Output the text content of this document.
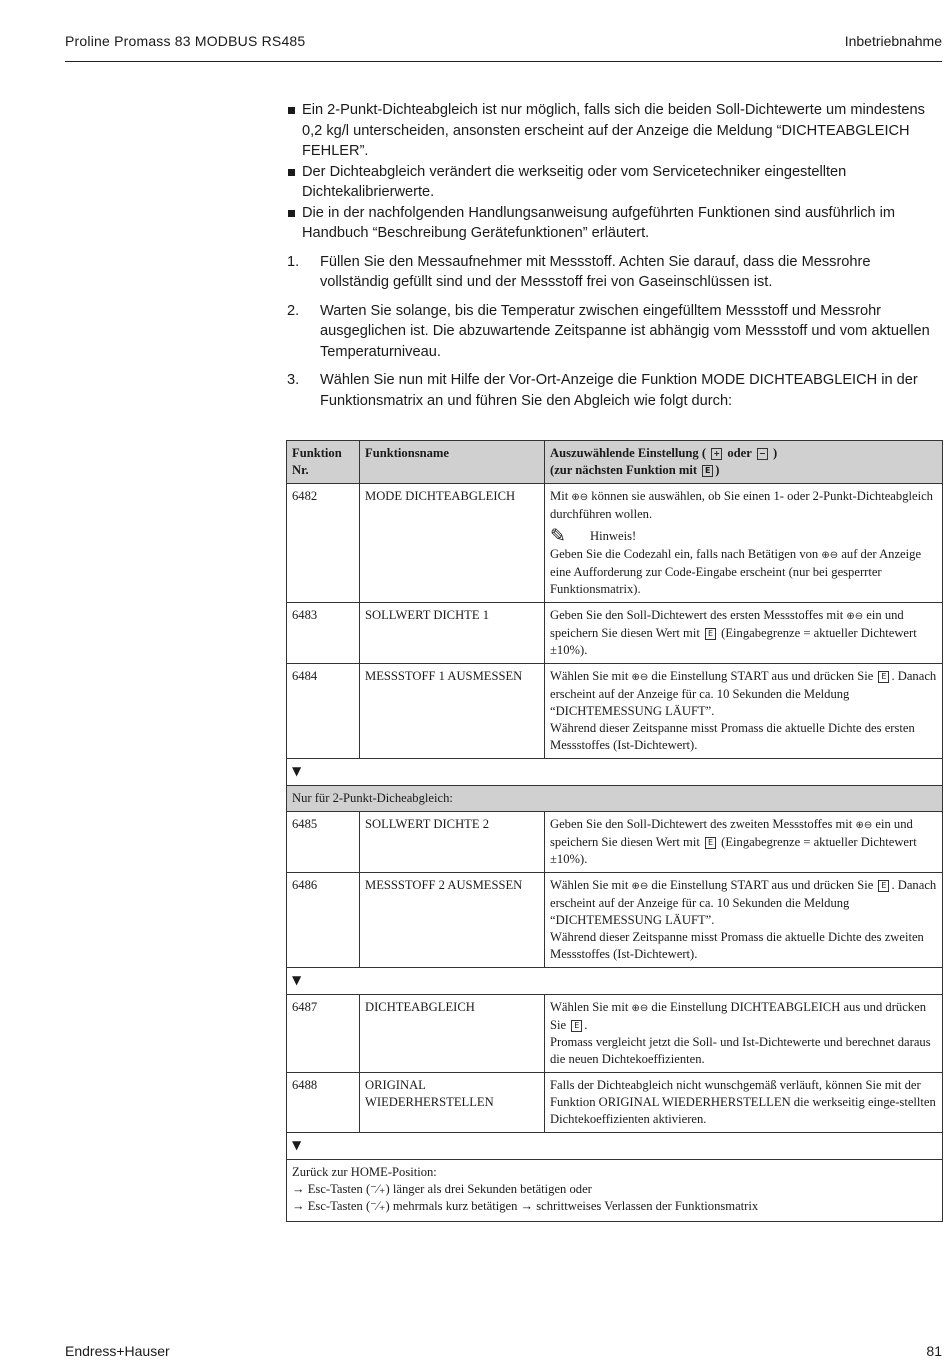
Proline Promass 83 MODBUS RS485	Inbetriebnahme
Ein 2-Punkt-Dichteabgleich ist nur möglich, falls sich die beiden Soll-Dichtewerte um mindestens 0,2 kg/l unterscheiden, ansonsten erscheint auf der Anzeige die Meldung “DICHTEABGLEICH FEHLER”.
Der Dichteabgleich verändert die werkseitig oder vom Servicetechniker eingestellten Dichtekalibrierwerte.
Die in der nachfolgenden Handlungsanweisung aufgeführten Funktionen sind ausführlich im Handbuch “Beschreibung Gerätefunktionen” erläutert.
1. Füllen Sie den Messaufnehmer mit Messstoff. Achten Sie darauf, dass die Messrohre vollständig gefüllt sind und der Messstoff frei von Gaseinschlüssen ist.
2. Warten Sie solange, bis die Temperatur zwischen eingefülltem Messstoff und Messrohr ausgeglichen ist. Die abzuwartende Zeitspanne ist abhängig vom Messstoff und vom aktuellen Temperaturniveau.
3. Wählen Sie nun mit Hilfe der Vor-Ort-Anzeige die Funktion MODE DICHTEABGLEICH in der Funktionsmatrix an und führen Sie den Abgleich wie folgt durch:
Funktion Nr.	Funktionsname	Auszuwählende Einstellung ( + oder − )
(zur nächsten Funktion mit E )
6482	MODE DICHTEABGLEICH	Mit ⊕⊖ können sie auswählen, ob Sie einen 1- oder 2-Punkt-Dichteabgleich durchführen wollen.
✎ Hinweis!
Geben Sie die Codezahl ein, falls nach Betätigen von ⊕⊖ auf der Anzeige eine Aufforderung zur Code-Eingabe erscheint (nur bei gesperrter Funktionsmatrix).
6483	SOLLWERT DICHTE 1	Geben Sie den Soll-Dichtewert des ersten Messstoffes mit ⊕⊖ ein und speichern Sie diesen Wert mit E (Eingabegrenze = aktueller Dichtewert ±10%).
6484	MESSSTOFF 1 AUSMESSEN	Wählen Sie mit ⊕⊖ die Einstellung START aus und drücken Sie E . Danach erscheint auf der Anzeige für ca. 10 Sekunden die Meldung “DICHTEMESSUNG LÄUFT”.
Während dieser Zeitspanne misst Promass die aktuelle Dichte des ersten Messstoffes (Ist-Dichtewert).
▼		
Nur für 2-Punkt-Dicheabgleich:		
6485	SOLLWERT DICHTE 2	Geben Sie den Soll-Dichtewert des zweiten Messstoffes mit ⊕⊖ ein und speichern Sie diesen Wert mit E (Eingabegrenze = aktueller Dichtewert ±10%).
6486	MESSSTOFF 2 AUSMESSEN	Wählen Sie mit ⊕⊖ die Einstellung START aus und drücken Sie E . Danach erscheint auf der Anzeige für ca. 10 Sekunden die Meldung “DICHTEMESSUNG LÄUFT”.
Während dieser Zeitspanne misst Promass die aktuelle Dichte des zweiten Messstoffes (Ist-Dichtewert).
▼		
6487	DICHTEABGLEICH	Wählen Sie mit ⊕⊖ die Einstellung DICHTEABGLEICH aus und drücken Sie E .
Promass vergleicht jetzt die Soll- und Ist-Dichtewerte und berechnet daraus die neuen Dichtekoeffizienten.
6488	ORIGINAL WIEDERHERSTELLEN	Falls der Dichteabgleich nicht wunschgemäß verläuft, können Sie mit der Funktion ORIGINAL WIEDERHERSTELLEN die werkseitig einge-stellten Dichtekoeffizienten aktivieren.
▼		

Zurück zur HOME-Position:
→ Esc-Tasten (⁻⁄₊) länger als drei Sekunden betätigen oder
→ Esc-Tasten (⁻⁄₊) mehrmals kurz betätigen → schrittweises Verlassen der Funktionsmatrix		
Endress+Hauser	81
